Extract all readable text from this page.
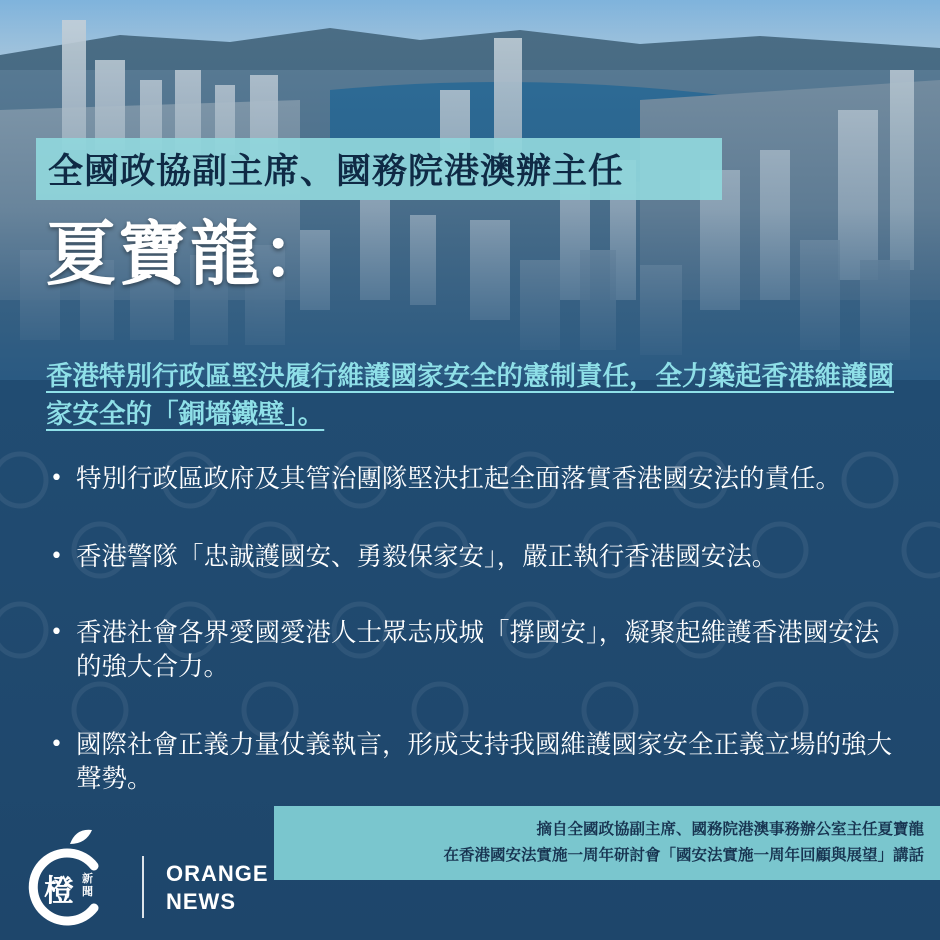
全國政協副主席、國務院港澳辦主任
夏寶龍：
香港特別行政區堅決履行維護國家安全的憲制責任，全力築起香港維護國家安全的「銅墻鐵壁」。
• 特別行政區政府及其管治團隊堅決扛起全面落實香港國安法的責任。
• 香港警隊「忠誠護國安、勇毅保家安」，嚴正執行香港國安法。
• 香港社會各界愛國愛港人士眾志成城「撐國安」，凝聚起維護香港國安法的強大合力。
• 國際社會正義力量仗義執言，形成支持我國維護國家安全正義立場的強大聲勢。
摘自全國政協副主席、國務院港澳事務辦公室主任夏寶龍
在香港國安法實施一周年研討會「國安法實施一周年回顧與展望」講話
橙 新聞
ORANGE
NEWS
